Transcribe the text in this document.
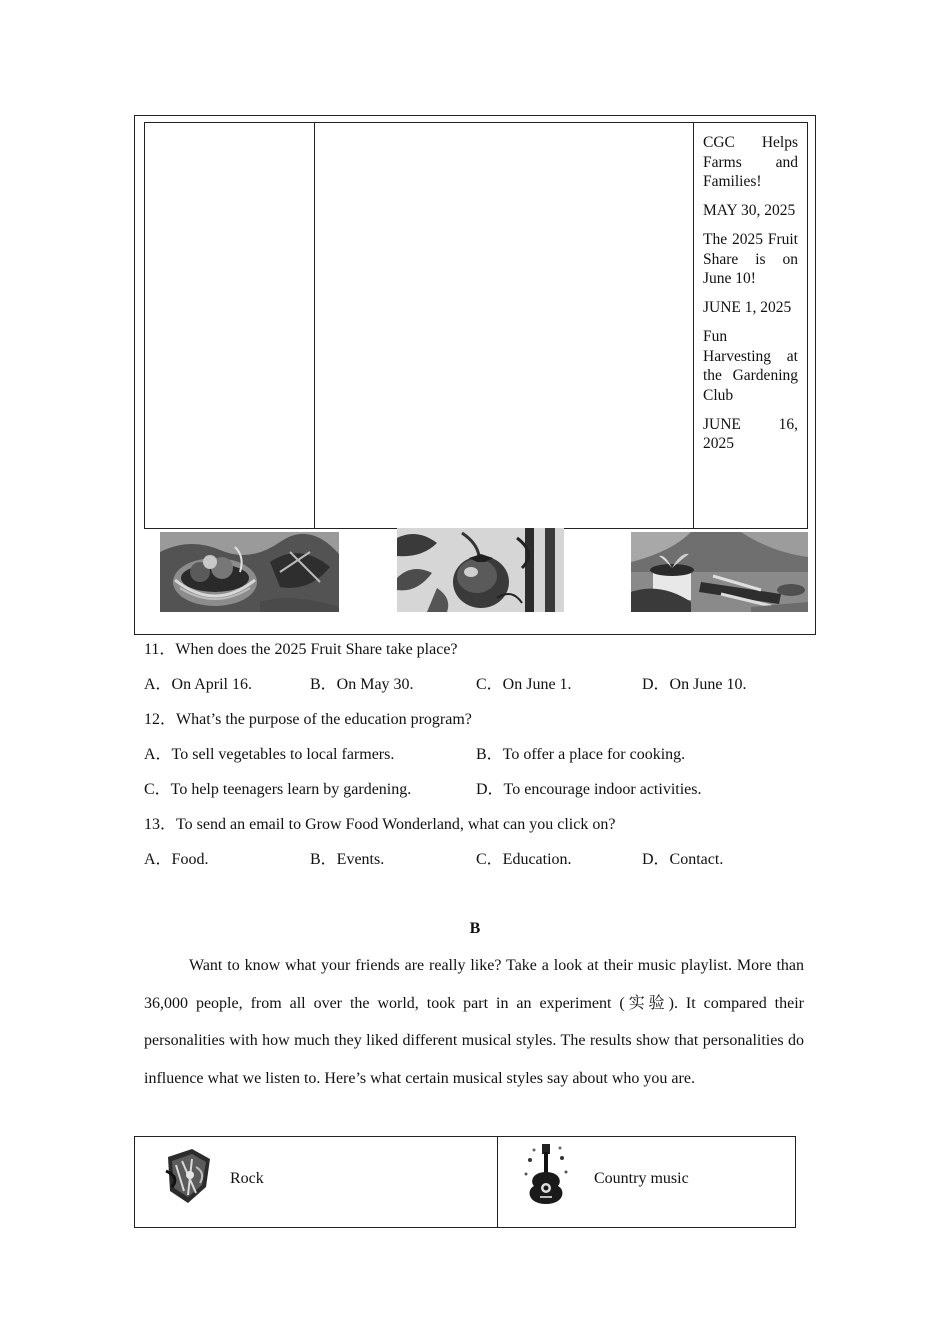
CGC Helps Farms and Families!
MAY 30, 2025
The 2025 Fruit Share is on June 10!
JUNE 1, 2025
Fun Harvesting at the Gardening Club
JUNE 16, 2025
11．When does the 2025 Fruit Share take place?
A．On April 16.	B．On May 30.	C．On June 1.	D．On June 10.
12．What’s the purpose of the education program?
A．To sell vegetables to local farmers.	B．To offer a place for cooking.
C．To help teenagers learn by gardening.	D．To encourage indoor activities.
13．To send an email to Grow Food Wonderland, what can you click on?
A．Food.	B．Events.	C．Education.	D．Contact.
B

Want to know what your friends are really like? Take a look at their music playlist. More than 36,000 people, from all over the world, took part in an experiment (实验). It compared their personalities with how much they liked different musical styles. The results show that personalities do influence what we listen to. Here’s what certain musical styles say about who you are.

Rock	Country music
